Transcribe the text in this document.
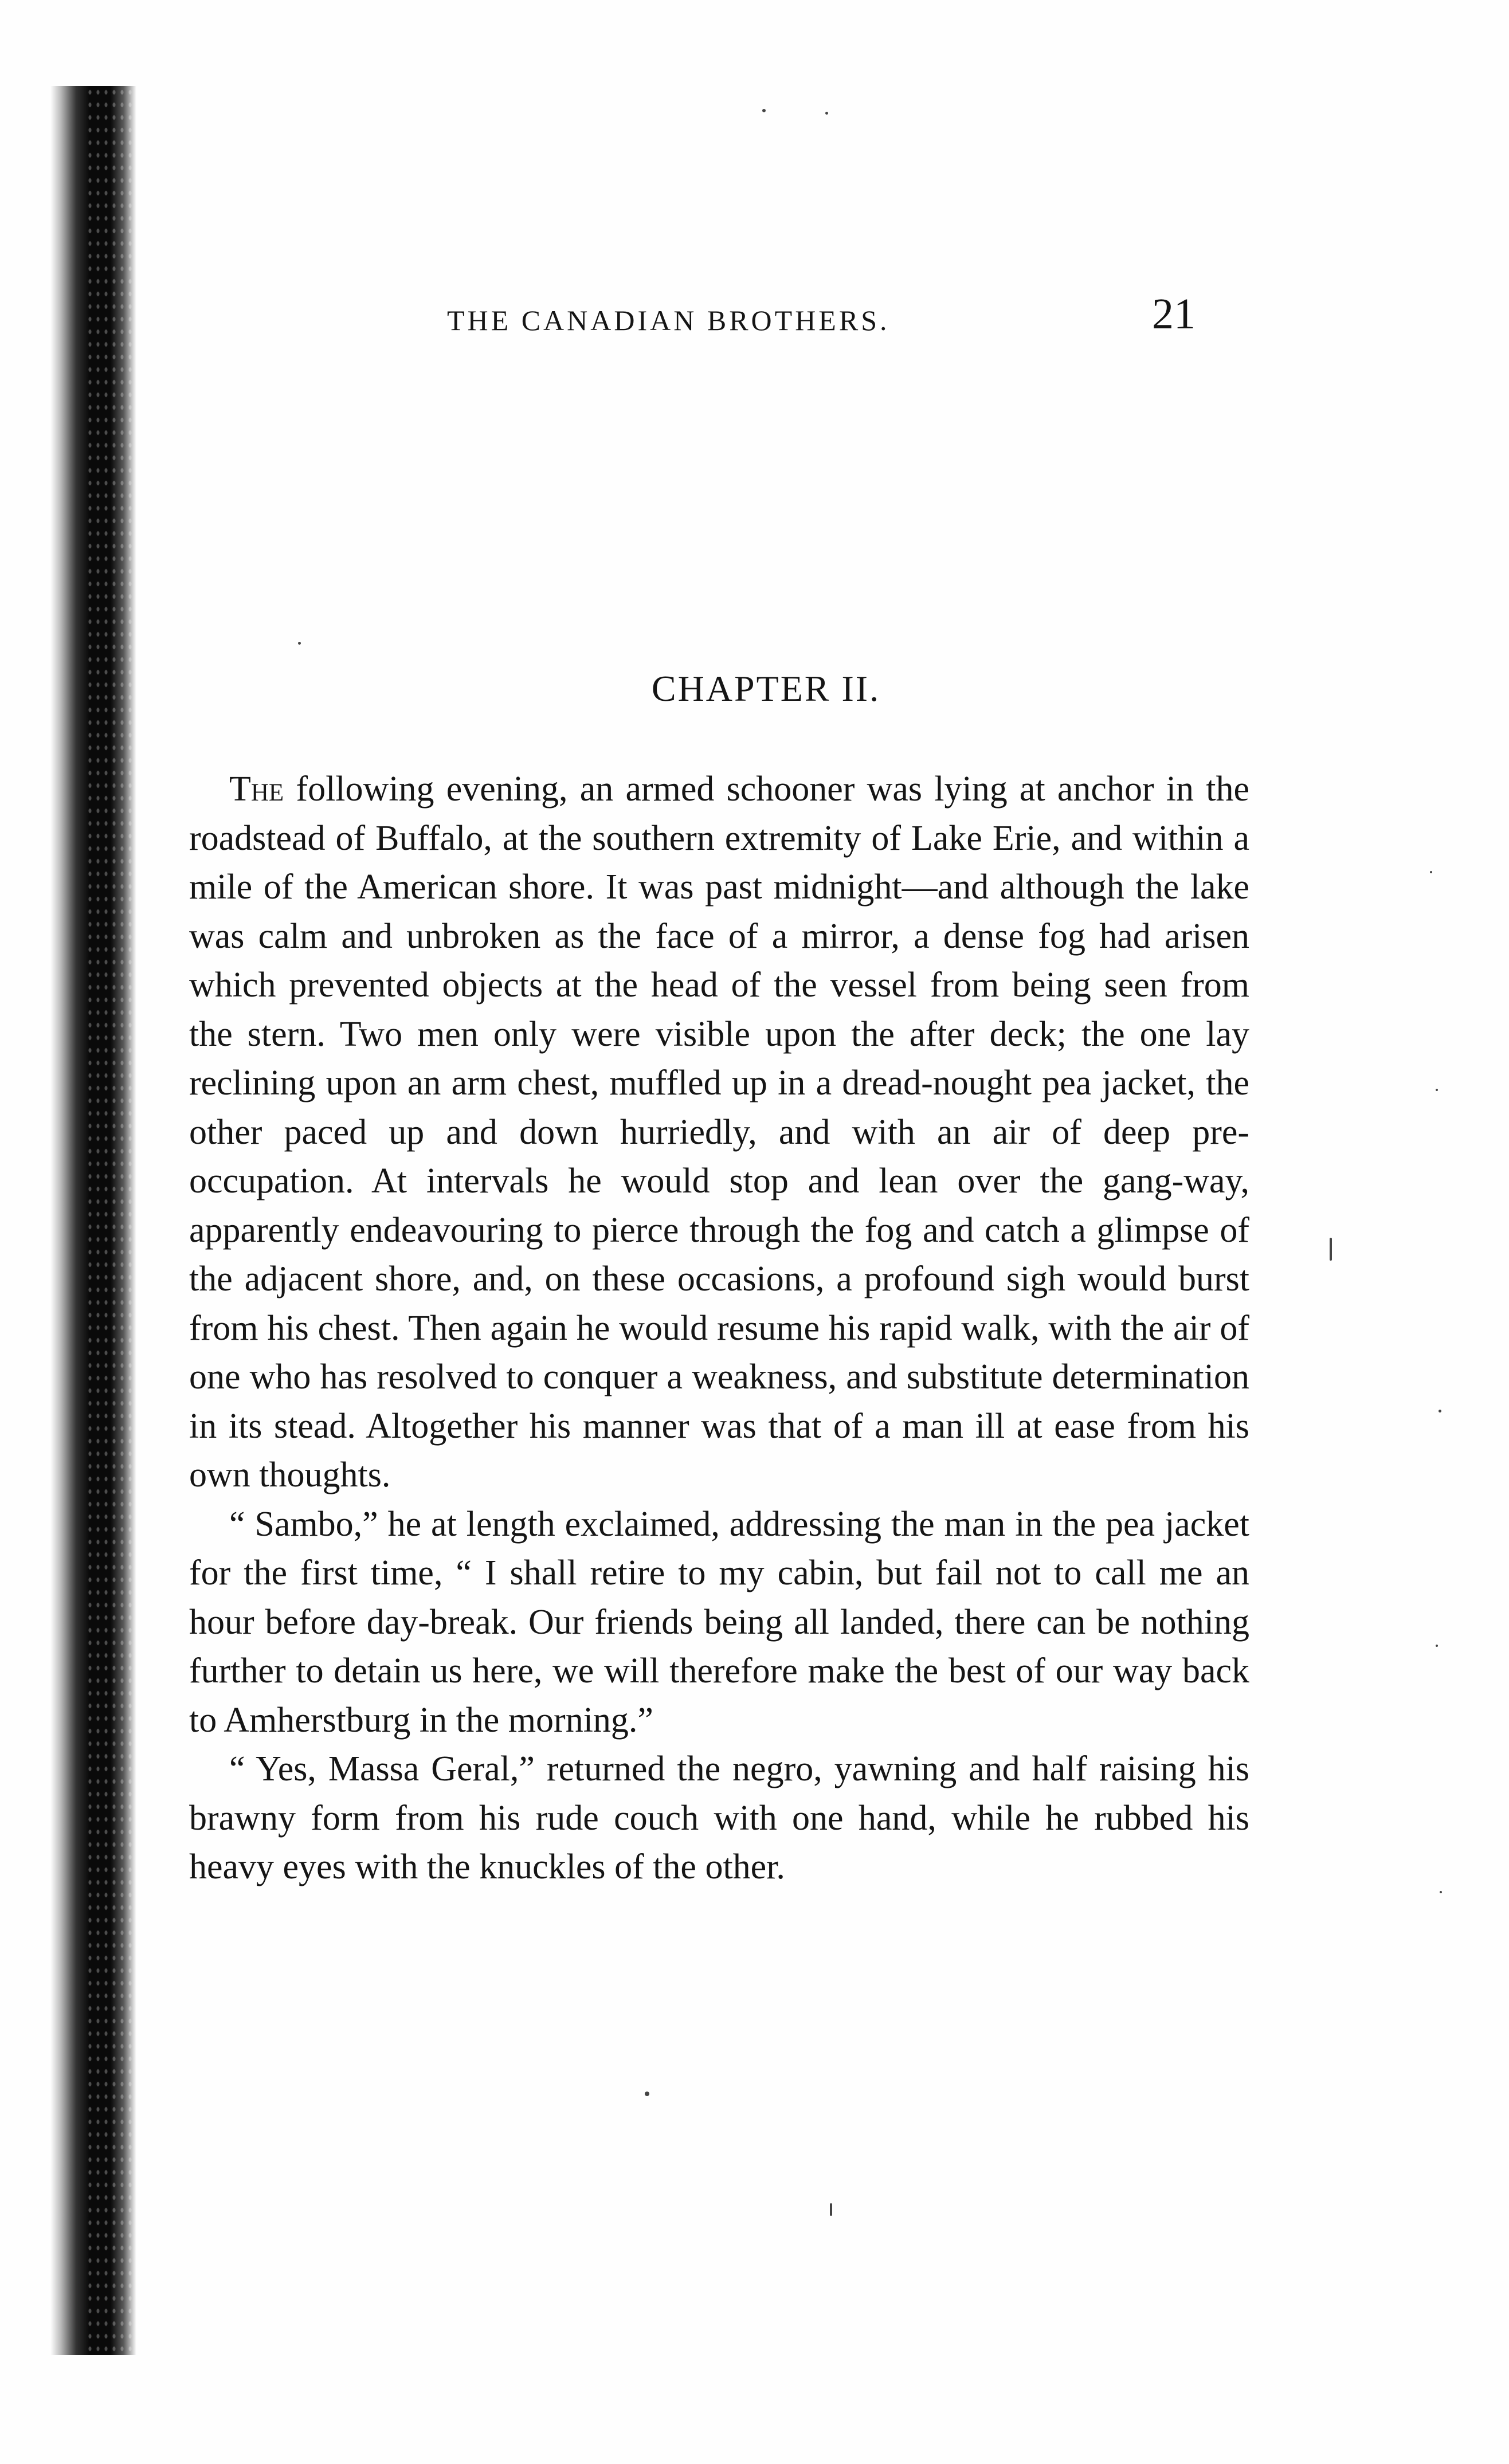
THE CANADIAN BROTHERS.	21
CHAPTER II.

The following evening, an armed schooner was lying at anchor in the roadstead of Buffalo, at the southern extremity of Lake Erie, and within a mile of the American shore. It was past midnight—and although the lake was calm and unbroken as the face of a mirror, a dense fog had arisen which prevented objects at the head of the vessel from being seen from the stern. Two men only were visible upon the after deck; the one lay reclining upon an arm chest, muffled up in a dread-nought pea jacket, the other paced up and down hurriedly, and with an air of deep pre-occupation. At intervals he would stop and lean over the gang-way, apparently endeavouring to pierce through the fog and catch a glimpse of the adjacent shore, and, on these occasions, a profound sigh would burst from his chest. Then again he would resume his rapid walk, with the air of one who has resolved to conquer a weakness, and substitute determination in its stead. Altogether his manner was that of a man ill at ease from his own thoughts.

“ Sambo,” he at length exclaimed, addressing the man in the pea jacket for the first time, “ I shall retire to my cabin, but fail not to call me an hour before day-break. Our friends being all landed, there can be nothing further to detain us here, we will therefore make the best of our way back to Amherstburg in the morning.”

“ Yes, Massa Geral,” returned the negro, yawning and half raising his brawny form from his rude couch with one hand, while he rubbed his heavy eyes with the knuckles of the other.
